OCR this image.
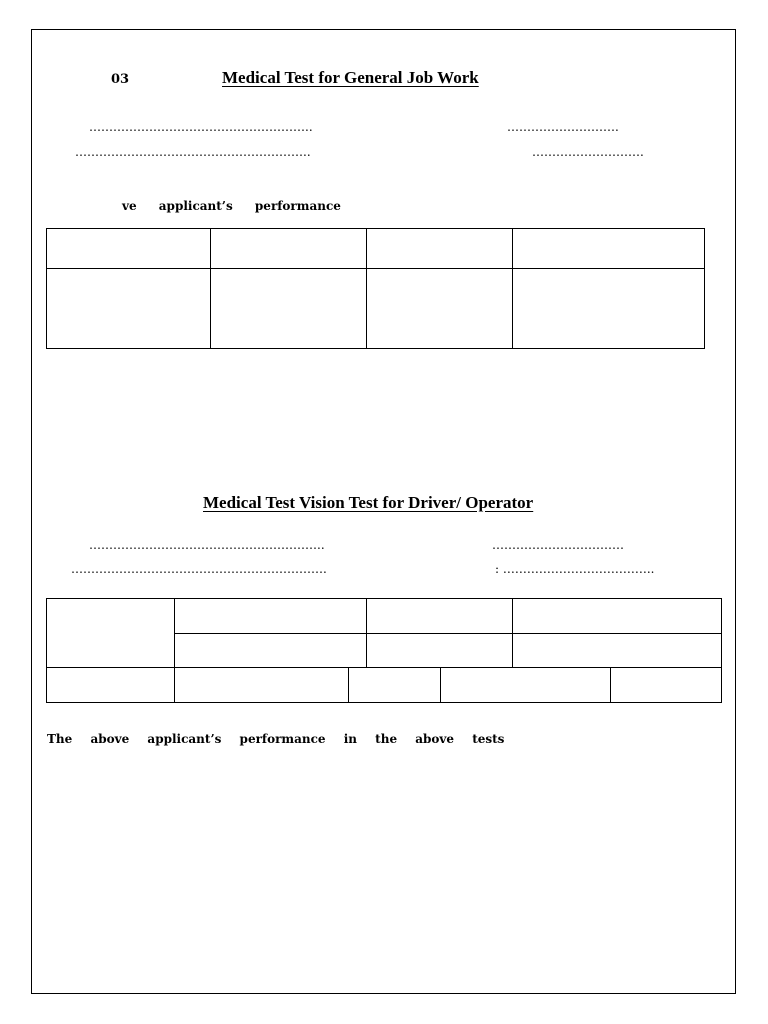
03	Medical Test for General Job Work
………………………………………………..	……………………….
…………………………………………………..	……………………….
ve applicant’s performance

Medical Test Vision Test for Driver/ Operator
…………………………………………………..	……………………………
……………………………………………………….	: ………………………………..

The above applicant’s performance in the above tests
